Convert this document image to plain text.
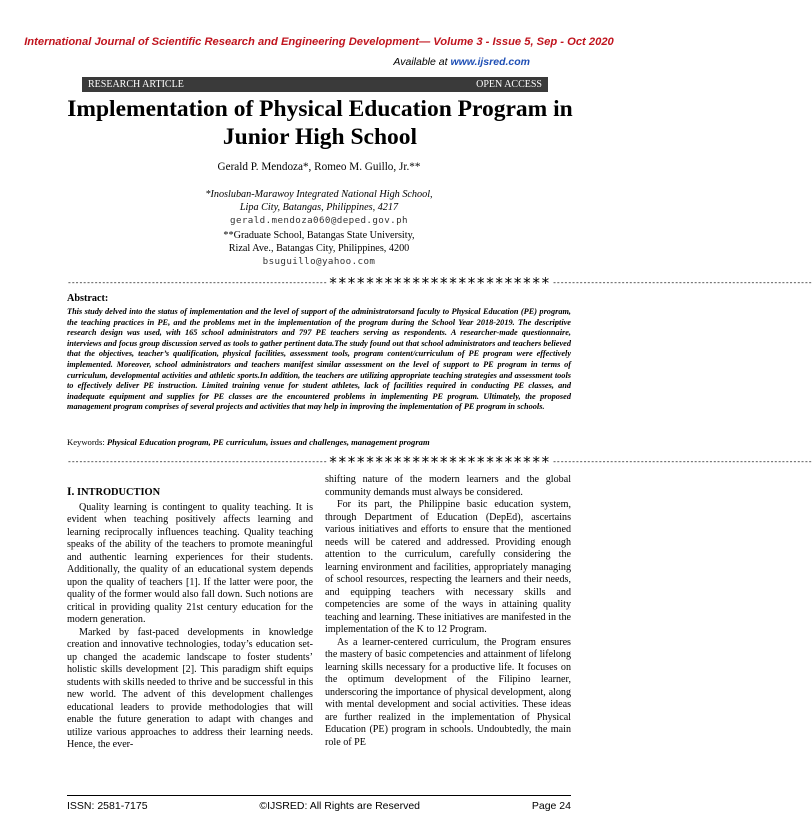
International Journal of Scientific Research and Engineering Development— Volume 3 - Issue 5, Sep - Oct 2020
Available at www.ijsred.com
RESEARCH ARTICLE	OPEN ACCESS
Implementation of Physical Education Program in Junior High School
Gerald P. Mendoza*, Romeo M. Guillo, Jr.**
*Inosluban-Marawoy Integrated National High School,
Lipa City, Batangas, Philippines, 4217
gerald.mendoza060@deped.gov.ph
**Graduate School, Batangas State University,
Rizal Ave., Batangas City, Philippines, 4200
bsuguillo@yahoo.com
-------------------------------------------------------------------- ************************ --------------------------------------------------------------------
Abstract:
This study delved into the status of implementation and the level of support of the administratorsand faculty to Physical Education (PE) program, the teaching practices in PE, and the problems met in the implementation of the program during the School Year 2018-2019. The descriptive research design was used, with 165 school administrators and 797 PE teachers serving as respondents. A researcher-made questionnaire, interviews and focus group discussion served as tools to gather pertinent data.The study found out that school administrators and teachers believed that the objectives, teacher’s qualification, physical facilities, assessment tools, program content/curriculum of PE program were effectively implemented. Moreover, school administrators and teachers manifest similar assessment on the level of support to PE program in terms of curriculum, developmental activities and athletic sports.In addition, the teachers are utilizing appropriate teaching strategies and assessment tools to effectively deliver PE instruction. Limited training venue for student athletes, lack of facilities required in conducting PE classes, and inadequate equipment and supplies for PE classes are the encountered problems in implementing PE program. Ultimately, the proposed management program comprises of several projects and activities that may help in improving the implementation of PE program in schools.
Keywords: Physical Education program, PE curriculum, issues and challenges, management program
-------------------------------------------------------------------- ************************ --------------------------------------------------------------------
I. INTRODUCTION

Quality learning is contingent to quality teaching. It is evident when teaching positively affects learning and learning reciprocally influences teaching. Quality teaching speaks of the ability of the teachers to promote meaningful and authentic learning experiences for their students. Additionally, the quality of an educational system depends upon the quality of teachers [1]. If the latter were poor, the quality of the former would also fall down. Such notions are critical in providing quality 21st century education for the modern generation.

Marked by fast-paced developments in knowledge creation and innovative technologies, today’s education set-up changed the academic landscape to foster students’ holistic skills development [2]. This paradigm shift equips students with skills needed to thrive and be successful in this new world. The advent of this development challenges educational leaders to provide methodologies that will enable the future generation to adapt with changes and utilize various approaches to address their learning needs. Hence, the ever-

shifting nature of the modern learners and the global community demands must always be considered.

For its part, the Philippine basic education system, through Department of Education (DepEd), ascertains various initiatives and efforts to ensure that the mentioned needs will be catered and addressed. Providing enough attention to the curriculum, carefully considering the learning environment and facilities, appropriately managing of school resources, respecting the learners and their needs, and equipping teachers with necessary skills and competencies are some of the ways in attaining quality teaching and learning. These initiatives are manifested in the implementation of the K to 12 Program.

As a learner-centered curriculum, the Program ensures the mastery of basic competencies and attainment of lifelong learning skills necessary for a productive life. It focuses on the optimum development of the Filipino learner, underscoring the importance of physical development, along with mental development and social activities. These ideas are further realized in the implementation of Physical Education (PE) program in schools. Undoubtedly, the main role of PE

ISSN: 2581-7175	©IJSRED: All Rights are Reserved	Page 24
